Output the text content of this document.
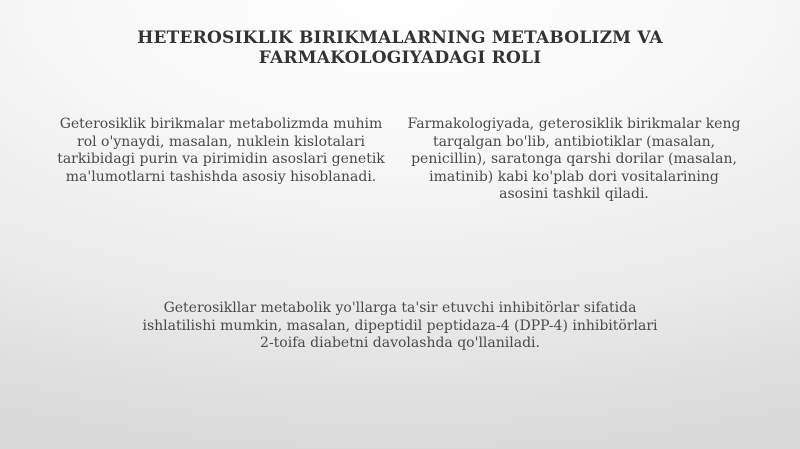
HETEROSIKLIK BIRIKMALARNING METABOLIZM VA FARMAKOLOGIYADAGI ROLI
Geterosiklik birikmalar metabolizmda muhim rol o'ynaydi, masalan, nuklein kislotalari tarkibidagi purin va pirimidin asoslari genetik ma'lumotlarni tashishda asosiy hisoblanadi.
Farmakologiyada, geterosiklik birikmalar keng tarqalgan bo'lib, antibiotiklar (masalan, penicillin), saratonga qarshi dorilar (masalan, imatinib) kabi ko'plab dori vositalarining asosini tashkil qiladi.
Geterosikllar metabolik yo'llarga ta'sir etuvchi inhibitörlar sifatida ishlatilishi mumkin, masalan, dipeptidil peptidaza-4 (DPP-4) inhibitörlari 2-toifa diabetni davolashda qo'llaniladi.
